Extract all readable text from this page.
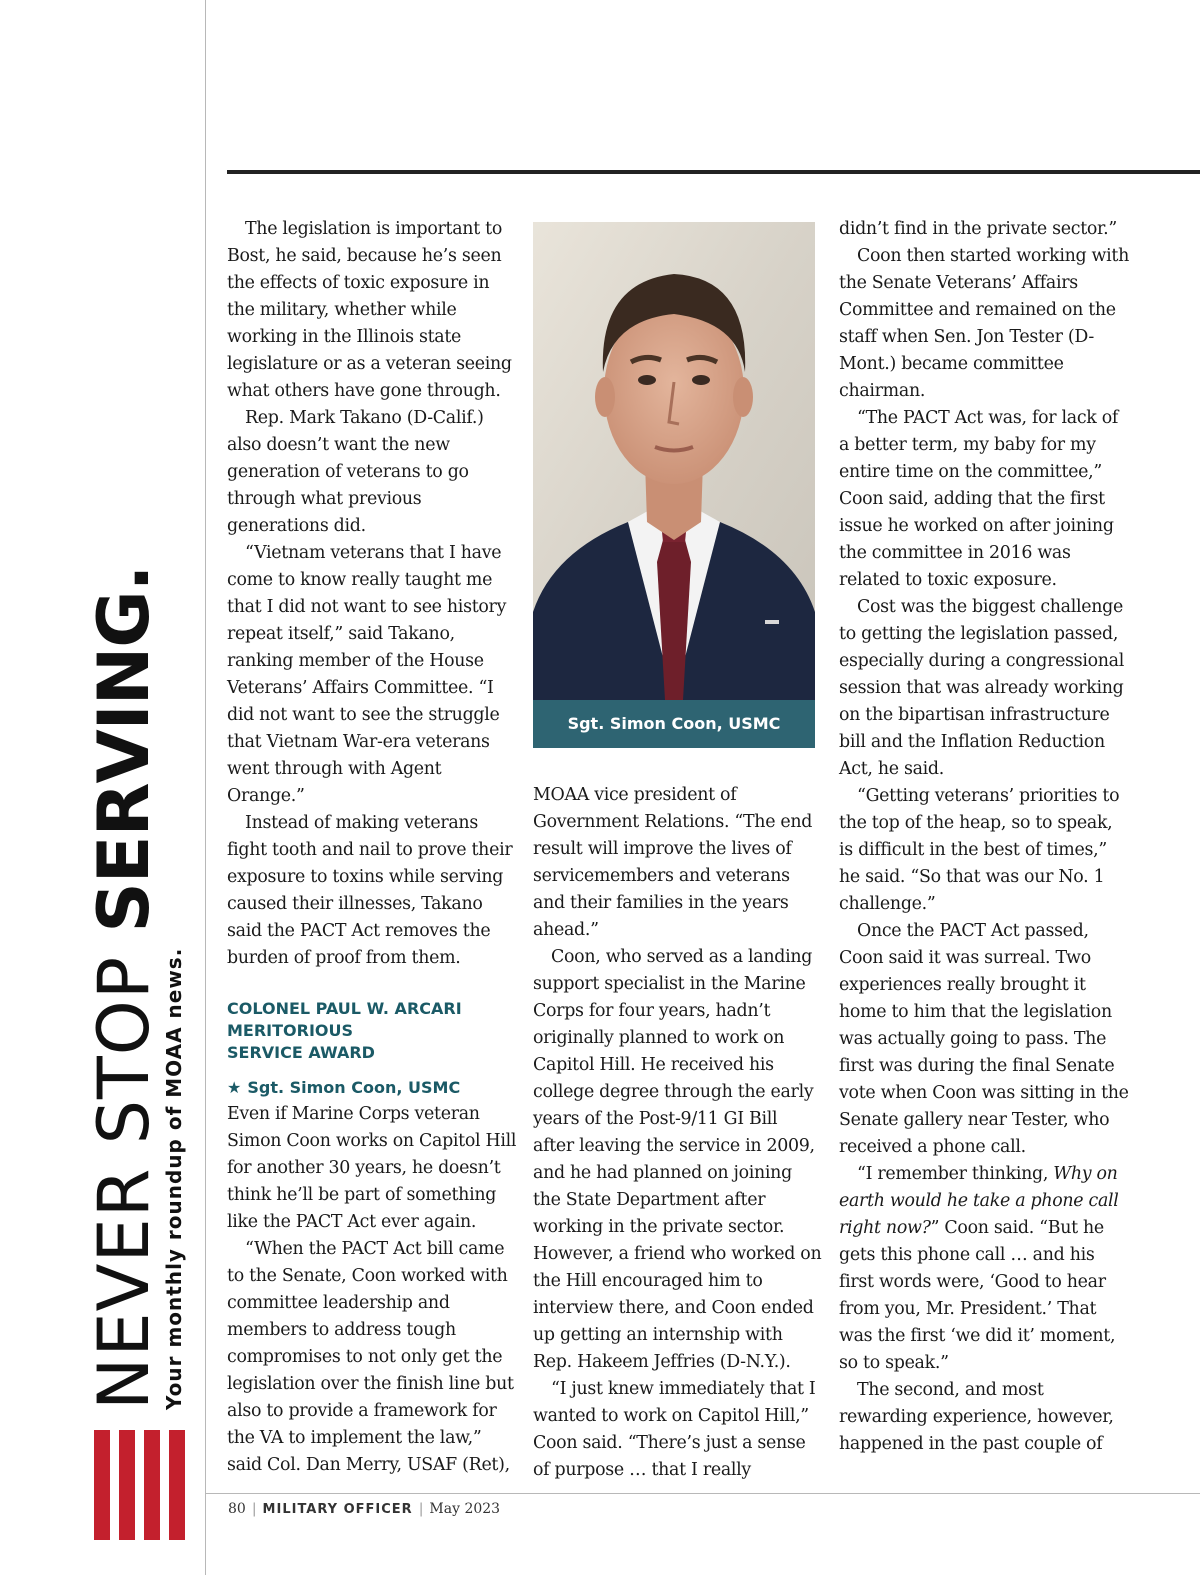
NEVER STOP SERVING.
Your monthly roundup of MOAA news.

The legislation is important to Bost, he said, because he’s seen the effects of toxic exposure in the military, whether while working in the Illinois state legislature or as a veteran seeing what others have gone through.

Rep. Mark Takano (D-Calif.) also doesn’t want the new generation of veterans to go through what previous generations did.

“Vietnam veterans that I have come to know really taught me that I did not want to see history repeat itself,” said Takano, ranking member of the House Veterans’ Affairs Committee. “I did not want to see the struggle that Vietnam War-era veterans went through with Agent Orange.”

Instead of making veterans fight tooth and nail to prove their exposure to toxins while serving caused their illnesses, Takano said the PACT Act removes the burden of proof from them.

COLONEL PAUL W. ARCARI
MERITORIOUS
SERVICE AWARD
★ Sgt. Simon Coon, USMC

Even if Marine Corps veteran Simon Coon works on Capitol Hill for another 30 years, he doesn’t think he’ll be part of something like the PACT Act ever again.

“When the PACT Act bill came to the Senate, Coon worked with committee leadership and members to address tough compromises to not only get the legislation over the finish line but also to provide a framework for the VA to implement the law,” said Col. Dan Merry, USAF (Ret),

Sgt. Simon Coon, USMC

MOAA vice president of Government Relations. “The end result will improve the lives of servicemembers and veterans and their families in the years ahead.”

Coon, who served as a landing support specialist in the Marine Corps for four years, hadn’t originally planned to work on Capitol Hill. He received his college degree through the early years of the Post-9/11 GI Bill after leaving the service in 2009, and he had planned on joining the State Department after working in the private sector. However, a friend who worked on the Hill encouraged him to interview there, and Coon ended up getting an internship with Rep. Hakeem Jeffries (D-N.Y.).

“I just knew immediately that I wanted to work on Capitol Hill,” Coon said. “There’s just a sense of purpose … that I really

didn’t find in the private sector.”

Coon then started working with the Senate Veterans’ Affairs Committee and remained on the staff when Sen. Jon Tester (D-Mont.) became committee chairman.

“The PACT Act was, for lack of a better term, my baby for my entire time on the committee,” Coon said, adding that the first issue he worked on after joining the committee in 2016 was related to toxic exposure.

Cost was the biggest challenge to getting the legislation passed, especially during a congressional session that was already working on the bipartisan infrastructure bill and the Inflation Reduction Act, he said.

“Getting veterans’ priorities to the top of the heap, so to speak, is difficult in the best of times,” he said. “So that was our No. 1 challenge.”

Once the PACT Act passed, Coon said it was surreal. Two experiences really brought it home to him that the legislation was actually going to pass. The first was during the final Senate vote when Coon was sitting in the Senate gallery near Tester, who received a phone call.

“I remember thinking, Why on earth would he take a phone call right now?” Coon said. “But he gets this phone call … and his first words were, ‘Good to hear from you, Mr. President.’ That was the first ‘we did it’ moment, so to speak.”

The second, and most rewarding experience, however, happened in the past couple of

80 | MILITARY OFFICER | May 2023
